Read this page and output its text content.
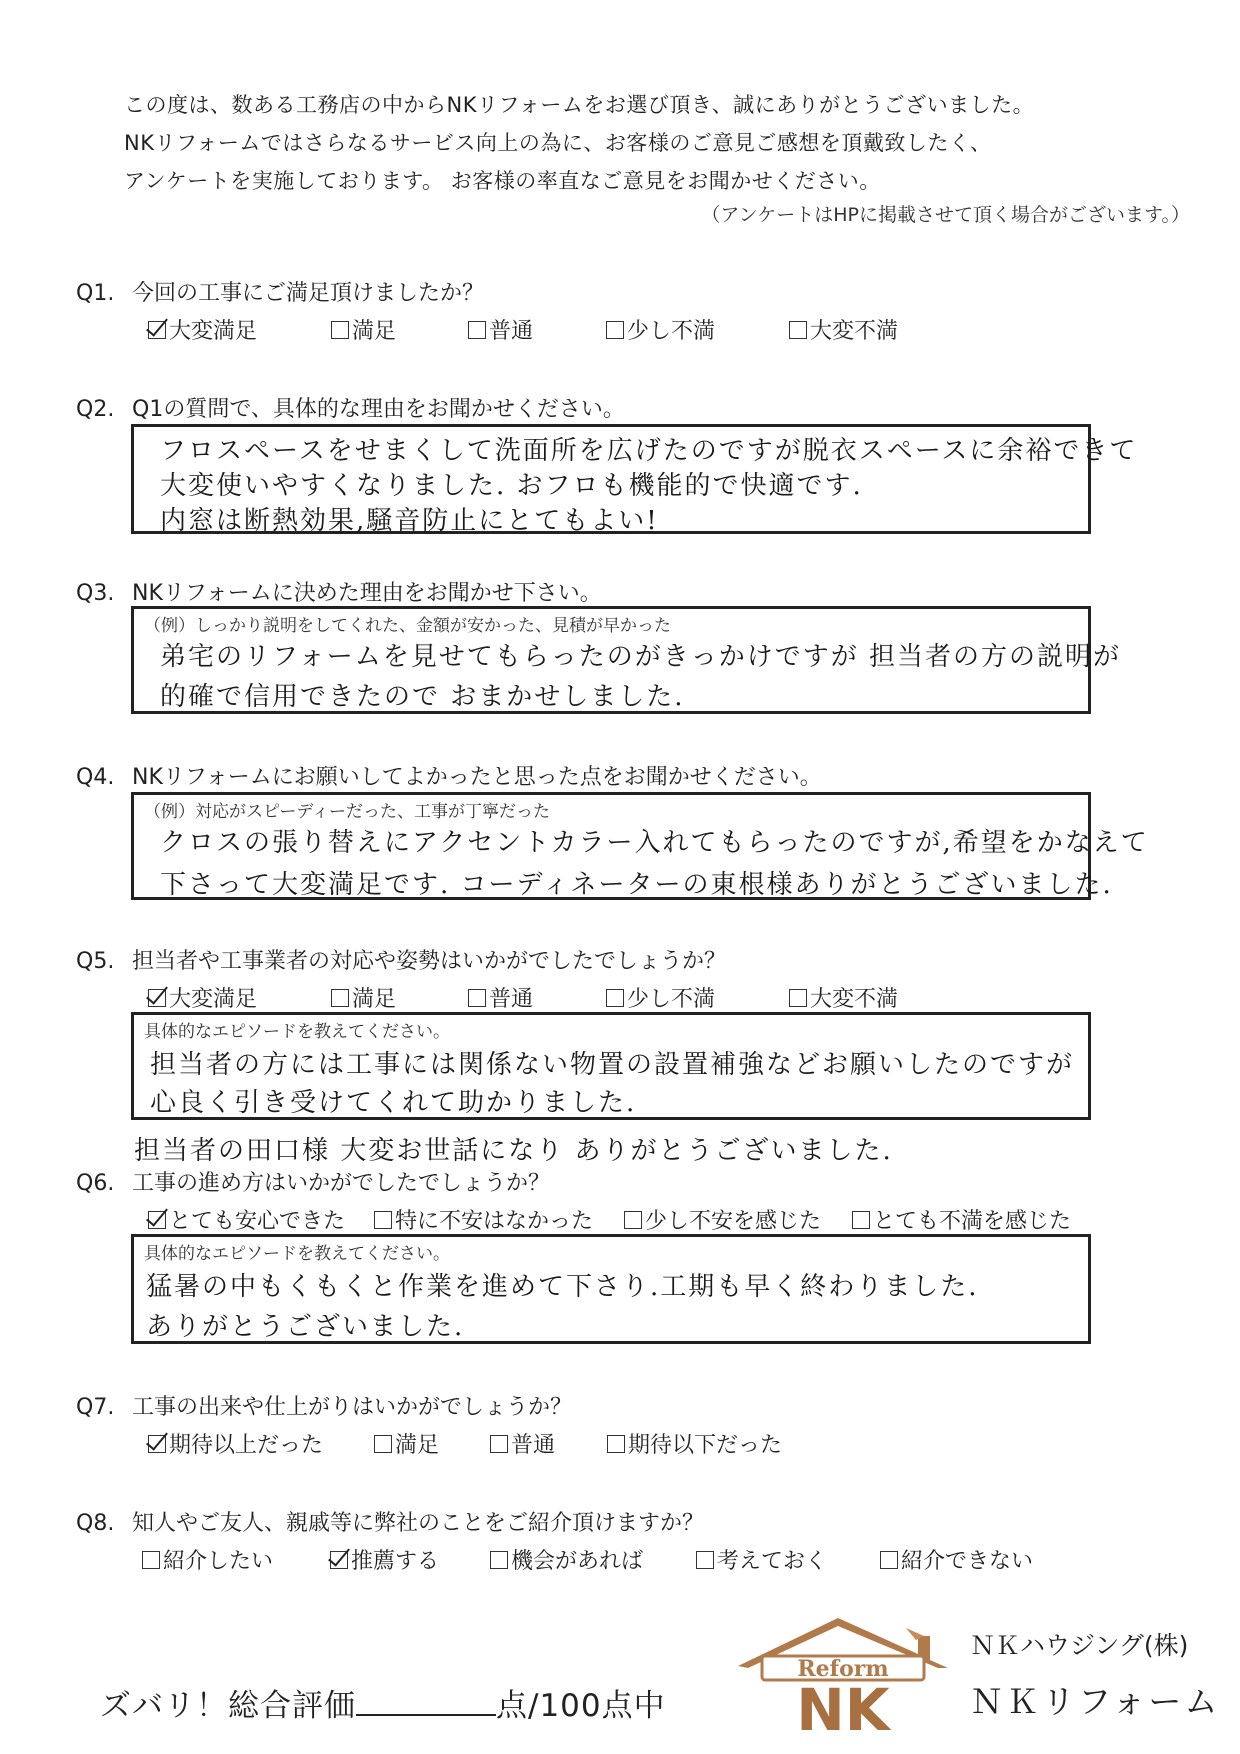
この度は、数ある工務店の中からNKリフォームをお選び頂き、誠にありがとうございました。
NKリフォームではさらなるサービス向上の為に、お客様のご意見ご感想を頂戴致したく、
アンケートを実施しております。 お客様の率直なご意見をお聞かせください。
（アンケートはHPに掲載させて頂く場合がございます。）
Q1. 今回の工事にご満足頂けましたか？
大変満足	満足	普通	少し不満	大変不満
Q2. Q1の質問で、具体的な理由をお聞かせください。
フロスペースをせまくして洗面所を広げたのですが脱衣スペースに余裕できて
大変使いやすくなりました. おフロも機能的で快適です.
内窓は断熱効果,騒音防止にとてもよい!
Q3. NKリフォームに決めた理由をお聞かせ下さい。
（例）しっかり説明をしてくれた、金額が安かった、見積が早かった
弟宅のリフォームを見せてもらったのがきっかけですが 担当者の方の説明が
的確で信用できたので おまかせしました.
Q4. NKリフォームにお願いしてよかったと思った点をお聞かせください。
（例）対応がスピーディーだった、工事が丁寧だった
クロスの張り替えにアクセントカラー入れてもらったのですが,希望をかなえて
下さって大変満足です. コーディネーターの東根様ありがとうございました.
Q5. 担当者や工事業者の対応や姿勢はいかがでしたでしょうか？
大変満足	満足	普通	少し不満	大変不満
具体的なエピソードを教えてください。
担当者の方には工事には関係ない物置の設置補強などお願いしたのですが
心良く引き受けてくれて助かりました.
担当者の田口様 大変お世話になり ありがとうございました.
Q6. 工事の進め方はいかがでしたでしょうか？
とても安心できた 特に不安はなかった 少し不安を感じた とても不満を感じた
具体的なエピソードを教えてください。
猛暑の中もくもくと作業を進めて下さり.工期も早く終わりました.
ありがとうございました.
Q7. 工事の出来や仕上がりはいかがでしょうか？
期待以上だった	満足	普通	期待以下だった
Q8. 知人やご友人、親戚等に弊社のことをご紹介頂けますか？
紹介したい	推薦する	機会があれば	考えておく	紹介できない
ズバリ！総合評価	点/100点中
Reform
NK
ＮＫハウジング(株)
ＮＫリフォーム
